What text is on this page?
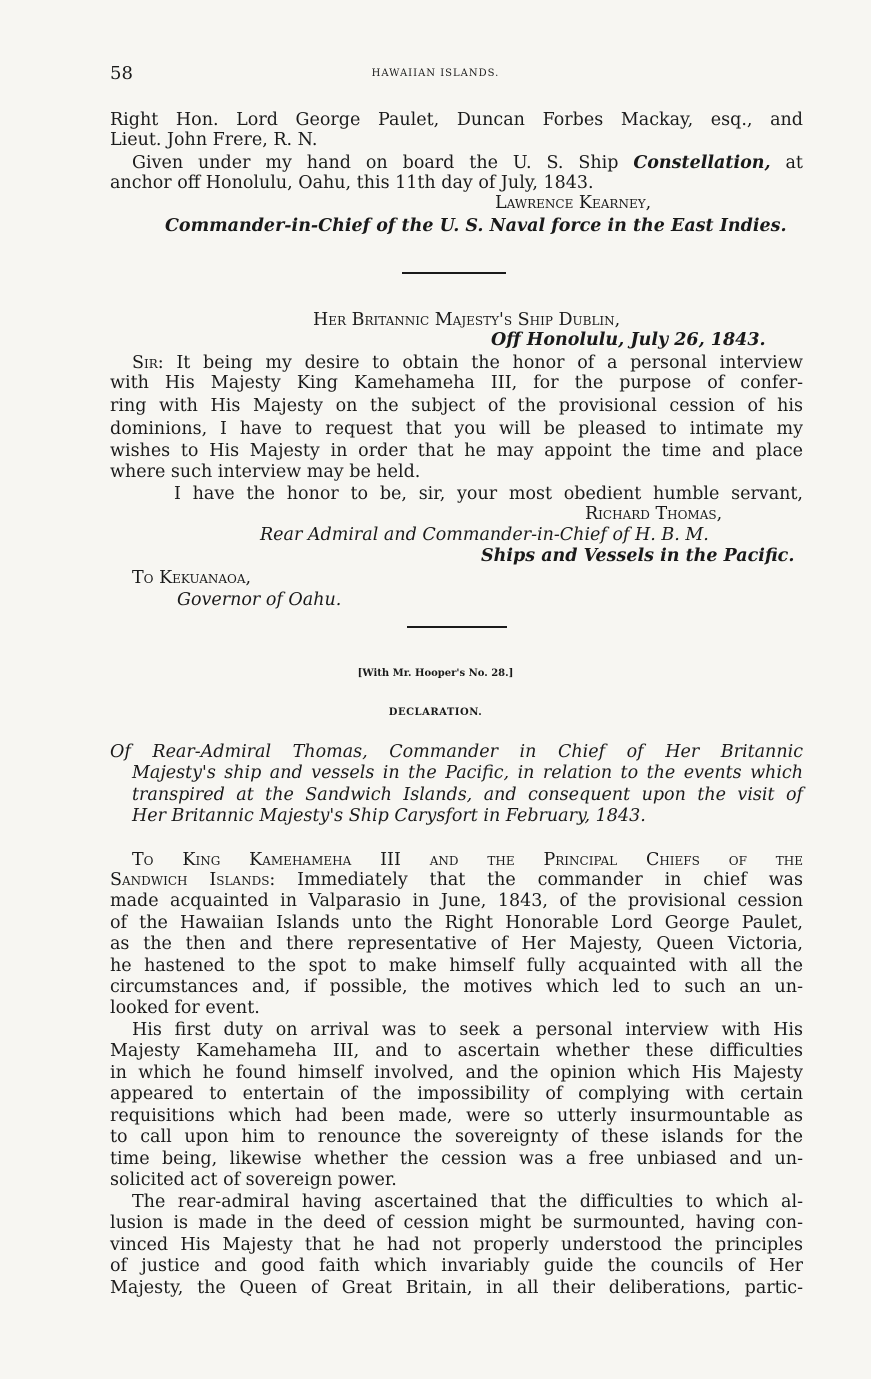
58	HAWAIIAN ISLANDS.

Right Hon. Lord George Paulet, Duncan Forbes Mackay, esq., and

Lieut. John Frere, R. N.

Given under my hand on board the U. S. Ship Constellation, at

anchor off Honolulu, Oahu, this 11th day of July, 1843.

Lawrence Kearney,

Commander-in-Chief of the U. S. Naval force in the East Indies.

Her Britannic Majesty's Ship Dublin,

Off Honolulu, July 26, 1843.

Sir: It being my desire to obtain the honor of a personal interview

with His Majesty King Kamehameha III, for the purpose of confer-

ring with His Majesty on the subject of the provisional cession of his

dominions, I have to request that you will be pleased to intimate my

wishes to His Majesty in order that he may appoint the time and place

where such interview may be held.

I have the honor to be, sir, your most obedient humble servant,

Richard Thomas,

Rear Admiral and Commander-in-Chief of H. B. M.

Ships and Vessels in the Pacific.

To Kekuanaoa,

Governor of Oahu.

[With Mr. Hooper's No. 28.]

DECLARATION.

Of Rear-Admiral Thomas, Commander in Chief of Her Britannic

Majesty's ship and vessels in the Pacific, in relation to the events which

transpired at the Sandwich Islands, and consequent upon the visit of

Her Britannic Majesty's Ship Carysfort in February, 1843.

To King Kamehameha III and the Principal Chiefs of the

Sandwich Islands: Immediately that the commander in chief was

made acquainted in Valparasio in June, 1843, of the provisional cession

of the Hawaiian Islands unto the Right Honorable Lord George Paulet,

as the then and there representative of Her Majesty, Queen Victoria,

he hastened to the spot to make himself fully acquainted with all the

circumstances and, if possible, the motives which led to such an un-

looked for event.

His first duty on arrival was to seek a personal interview with His

Majesty Kamehameha III, and to ascertain whether these difficulties

in which he found himself involved, and the opinion which His Majesty

appeared to entertain of the impossibility of complying with certain

requisitions which had been made, were so utterly insurmountable as

to call upon him to renounce the sovereignty of these islands for the

time being, likewise whether the cession was a free unbiased and un-

solicited act of sovereign power.

The rear-admiral having ascertained that the difficulties to which al-

lusion is made in the deed of cession might be surmounted, having con-

vinced His Majesty that he had not properly understood the principles

of justice and good faith which invariably guide the councils of Her

Majesty, the Queen of Great Britain, in all their deliberations, partic-
